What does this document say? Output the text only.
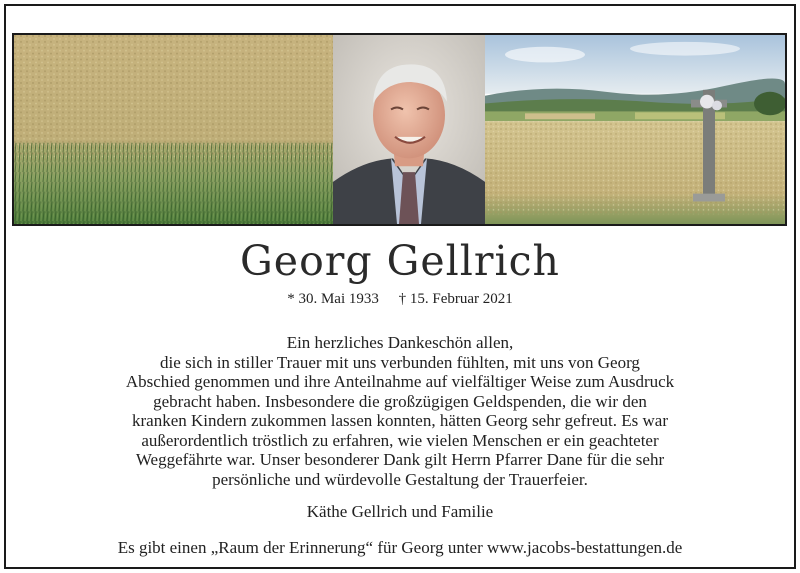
Georg Gellrich
* 30. Mai 1933 † 15. Februar 2021
Ein herzliches Dankeschön allen,
die sich in stiller Trauer mit uns verbunden fühlten, mit uns von Georg
Abschied genommen und ihre Anteilnahme auf vielfältiger Weise zum Ausdruck
gebracht haben. Insbesondere die großzügigen Geldspenden, die wir den
kranken Kindern zukommen lassen konnten, hätten Georg sehr gefreut. Es war
außerordentlich tröstlich zu erfahren, wie vielen Menschen er ein geachteter
Weggefährte war. Unser besonderer Dank gilt Herrn Pfarrer Dane für die sehr
persönliche und würdevolle Gestaltung der Trauerfeier.
Käthe Gellrich und Familie
Es gibt einen „Raum der Erinnerung“ für Georg unter www.jacobs-bestattungen.de
